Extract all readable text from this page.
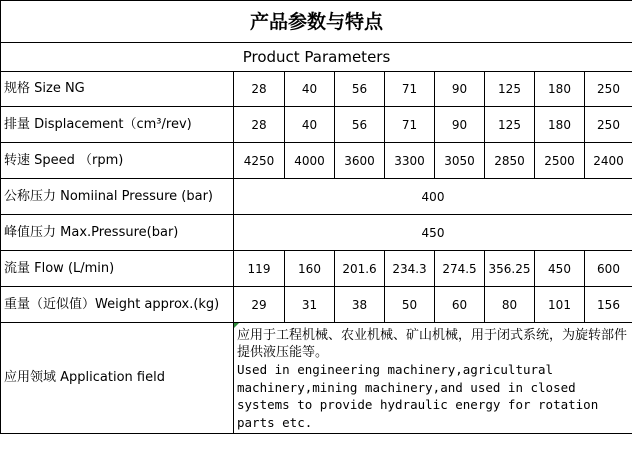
产品参数与特点								
Product Parameters								
规格 Size NG	28	40	56	71	90	125	180	250
排量 Displacement（cm³/rev)	28	40	56	71	90	125	180	250
转速 Speed （rpm)	4250	4000	3600	3300	3050	2850	2500	2400
公称压力 Nomiinal Pressure (bar)	400							
峰值压力 Max.Pressure(bar)	450							
流量 Flow (L/min)	119	160	201.6	234.3	274.5	356.25	450	600
重量（近似值）Weight approx.(kg)	29	31	38	50	60	80	101	156
应用领域 Application field	应用于工程机械、农业机械、矿山机械，用于闭式系统，为旋转部件提供液压能等。
Used in engineering machinery,agricultural
machinery,mining machinery,and used in closed
systems to provide hydraulic energy for rotation
parts etc.							
